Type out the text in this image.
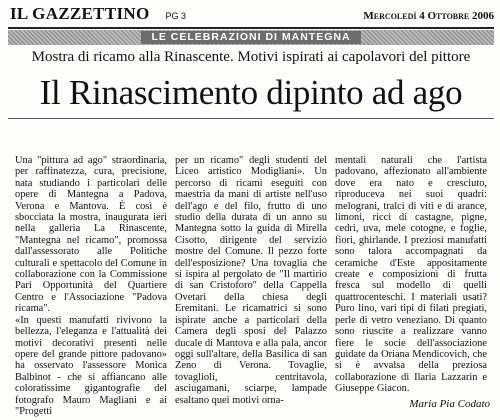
IL GAZZETTINO PG 3	Mercoledì 4 Ottobre 2006
LE CELEBRAZIONI DI MANTEGNA
Mostra di ricamo alla Rinascente. Motivi ispirati ai capolavori del pittore
Il Rinascimento dipinto ad ago

Una "pittura ad ago" straordinaria, per raffinatezza, cura, precisione, nata studiando i particolari delle opere di Mantegna a Padova, Verona e Mantova. È così è sbocciata la mostra, inaugurata ieri nella galleria La Rinascente, "Mantegna nel ricamo", promossa dall'assessorato alle Politiche culturali e spettacolo del Comune in collaborazione con la Commissione Pari Opportunità del Quartiere Centro e l'Associazione "Padova ricama".

«In questi manufatti rivivono la bellezza, l'eleganza e l'attualità dei motivi decorativi presenti nelle opere del grande pittore padovano» ha osservato l'assessore Monica Balbinot - che si affiancano alle coloratissime gigantografie del fotografo Mauro Magliani e ai "Progetti

per un ricamo" degli studenti del Liceo artistico Modigliani». Un percorso di ricami eseguiti con maestria da mani di artiste nell'uso dell'ago e del filo, frutto di uno studio della durata di un anno su Mantegna sotto la guida di Mirella Cisotto, dirigente del servizio mostre del Comune. Il pezzo forte dell'esposizione? Una tovaglia che si ispira al pergolato de "Il martirio di san Cristoforo" della Cappella Ovetari della chiesa degli Eremitani. Le ricamatrici si sono ispirate anche a particolari della Camera degli sposi del Palazzo ducale di Mantova e alla pala, ancor oggi sull'altare, della Basilica di san Zeno di Verona. Tovaglie, tovaglioli, centritavola, asciugamani, sciarpe, lampade esaltano quei motivi orna-

mentali naturali che l'artista padovano, affezionato all'ambiente dove era nato e cresciuto, riproduceva nei suoi quadri: melograni, tralci di viti e di arance, limoni, ricci di castagne, pigne, cedri, uva, mele cotogne, e foglie, fiori, ghirlande. I preziosi manufatti sono talora accompagnati da ceramiche d'Este appositamente create e composizioni di frutta fresca sul modello di quelli quattrocenteschi. I materiali usati? Puro lino, vari tipi di filati pregiati, perle di vetro veneziano. Di quanto sono riuscite a realizzare vanno fiere le socie dell'associazione guidate da Oriana Mendicovich, che si è avvalsa della preziosa collaborazione di Ilaria Lazzarin e Giuseppe Giacon.

Maria Pia Codato
